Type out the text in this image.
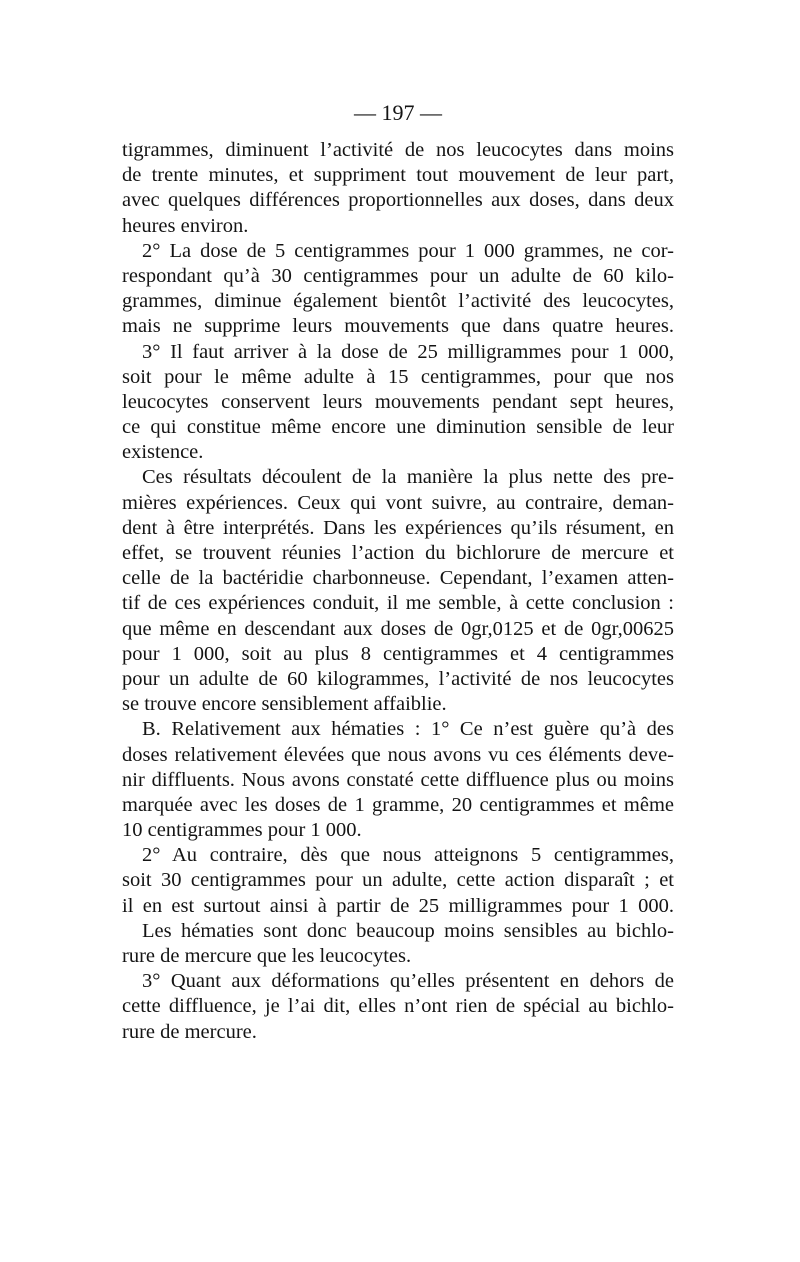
— 197 —
tigrammes, diminuent l’activité de nos leucocytes dans moins
de trente minutes, et suppriment tout mouvement de leur part,
avec quelques différences proportionnelles aux doses, dans deux
heures environ.
2° La dose de 5 centigrammes pour 1 000 grammes, ne cor-
respondant qu’à 30 centigrammes pour un adulte de 60 kilo-
grammes, diminue également bientôt l’activité des leucocytes,
mais ne supprime leurs mouvements que dans quatre heures.
3° Il faut arriver à la dose de 25 milligrammes pour 1 000,
soit pour le même adulte à 15 centigrammes, pour que nos
leucocytes conservent leurs mouvements pendant sept heures,
ce qui constitue même encore une diminution sensible de leur
existence.
Ces résultats découlent de la manière la plus nette des pre-
mières expériences. Ceux qui vont suivre, au contraire, deman-
dent à être interprétés. Dans les expériences qu’ils résument, en
effet, se trouvent réunies l’action du bichlorure de mercure et
celle de la bactéridie charbonneuse. Cependant, l’examen atten-
tif de ces expériences conduit, il me semble, à cette conclusion :
que même en descendant aux doses de 0gr,0125 et de 0gr,00625
pour 1 000, soit au plus 8 centigrammes et 4 centigrammes
pour un adulte de 60 kilogrammes, l’activité de nos leucocytes
se trouve encore sensiblement affaiblie.
B. Relativement aux hématies : 1° Ce n’est guère qu’à des
doses relativement élevées que nous avons vu ces éléments deve-
nir diffluents. Nous avons constaté cette diffluence plus ou moins
marquée avec les doses de 1 gramme, 20 centigrammes et même
10 centigrammes pour 1 000.
2° Au contraire, dès que nous atteignons 5 centigrammes,
soit 30 centigrammes pour un adulte, cette action disparaît ; et
il en est surtout ainsi à partir de 25 milligrammes pour 1 000.
Les hématies sont donc beaucoup moins sensibles au bichlo-
rure de mercure que les leucocytes.
3° Quant aux déformations qu’elles présentent en dehors de
cette diffluence, je l’ai dit, elles n’ont rien de spécial au bichlo-
rure de mercure.
